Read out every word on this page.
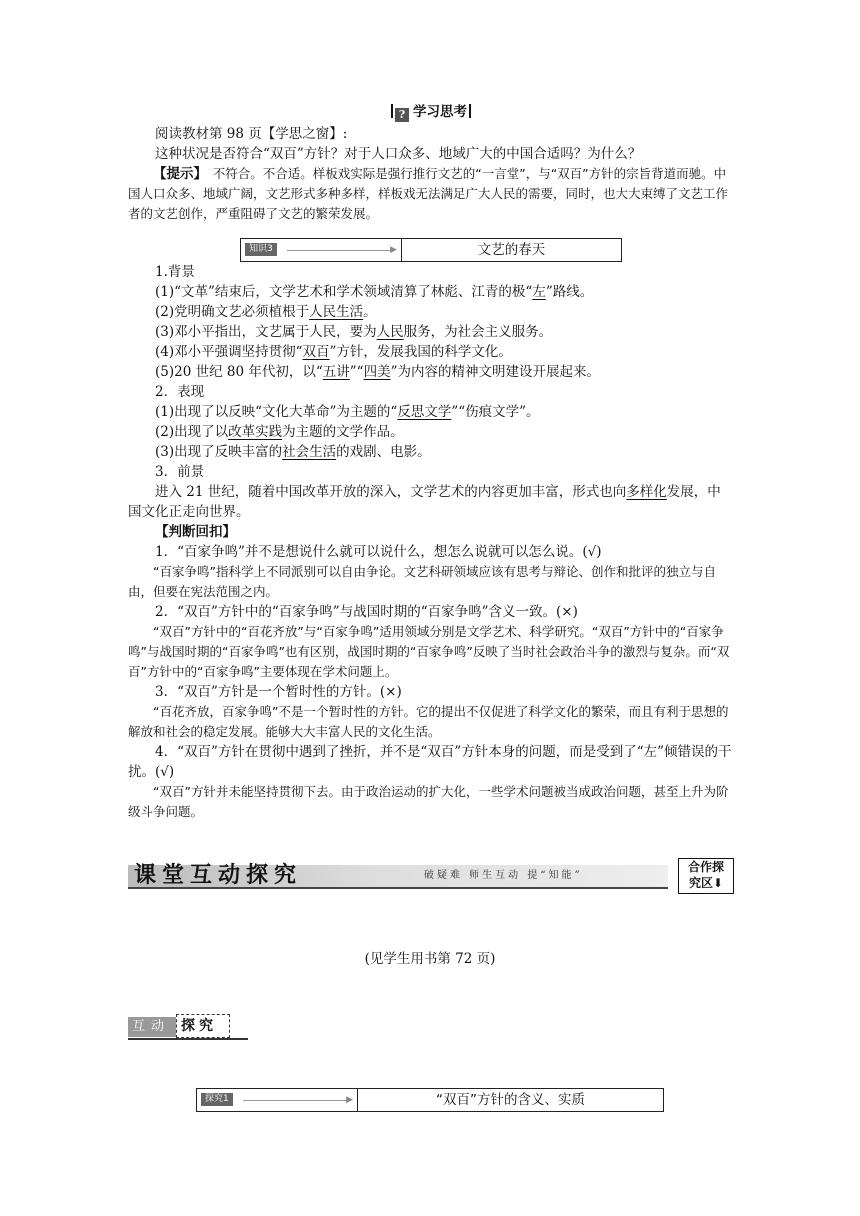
? 学习思考

阅读教材第 98 页【学思之窗】:

这种状况是否符合“双百”方针？对于人口众多、地域广大的中国合适吗？为什么？

【提示】　不符合。不合适。样板戏实际是强行推行文艺的“一言堂”，与“双百”方针的宗旨背道而驰。中国人口众多、地域广阔，文艺形式多种多样，样板戏无法满足广大人民的需要，同时，也大大束缚了文艺工作者的文艺创作，严重阻碍了文艺的繁荣发展。

知识3	▶	文艺的春天

1.背景

(1)“文革”结束后，文学艺术和学术领域清算了林彪、江青的极“左”路线。

(2)党明确文艺必须植根于人民生活。

(3)邓小平指出，文艺属于人民，要为人民服务，为社会主义服务。

(4)邓小平强调坚持贯彻“双百”方针，发展我国的科学文化。

(5)20 世纪 80 年代初，以“五讲”“四美”为内容的精神文明建设开展起来。

2．表现

(1)出现了以反映“文化大革命”为主题的“反思文学”“伤痕文学”。

(2)出现了以改革实践为主题的文学作品。

(3)出现了反映丰富的社会生活的戏剧、电影。

3．前景

进入 21 世纪，随着中国改革开放的深入，文学艺术的内容更加丰富，形式也向多样化发展，中国文化正走向世界。

【判断回扣】

1．“百家争鸣”并不是想说什么就可以说什么，想怎么说就可以怎么说。(√)

“百家争鸣”指科学上不同派别可以自由争论。文艺科研领域应该有思考与辩论、创作和批评的独立与自由，但要在宪法范围之内。

2．“双百”方针中的“百家争鸣”与战国时期的“百家争鸣”含义一致。(×)

“双百”方针中的“百花齐放”与“百家争鸣”适用领域分别是文学艺术、科学研究。“双百”方针中的“百家争鸣”与战国时期的“百家争鸣”也有区别，战国时期的“百家争鸣”反映了当时社会政治斗争的激烈与复杂。而“双百”方针中的“百家争鸣”主要体现在学术问题上。

3．“双百”方针是一个暂时性的方针。(×)

“百花齐放，百家争鸣”不是一个暂时性的方针。它的提出不仅促进了科学文化的繁荣，而且有利于思想的解放和社会的稳定发展。能够大大丰富人民的文化生活。

4．“双百”方针在贯彻中遇到了挫折，并不是“双百”方针本身的问题，而是受到了“左”倾错误的干扰。(√)

“双百”方针并未能坚持贯彻下去。由于政治运动的扩大化，一些学术问题被当成政治问题，甚至上升为阶级斗争问题。

课堂互动探究	破疑难 师生互动 提“知能”
合作探
究区⬇
(见学生用书第 72 页)
互动 探究
探究1	▶	“双百”方针的含义、实质
